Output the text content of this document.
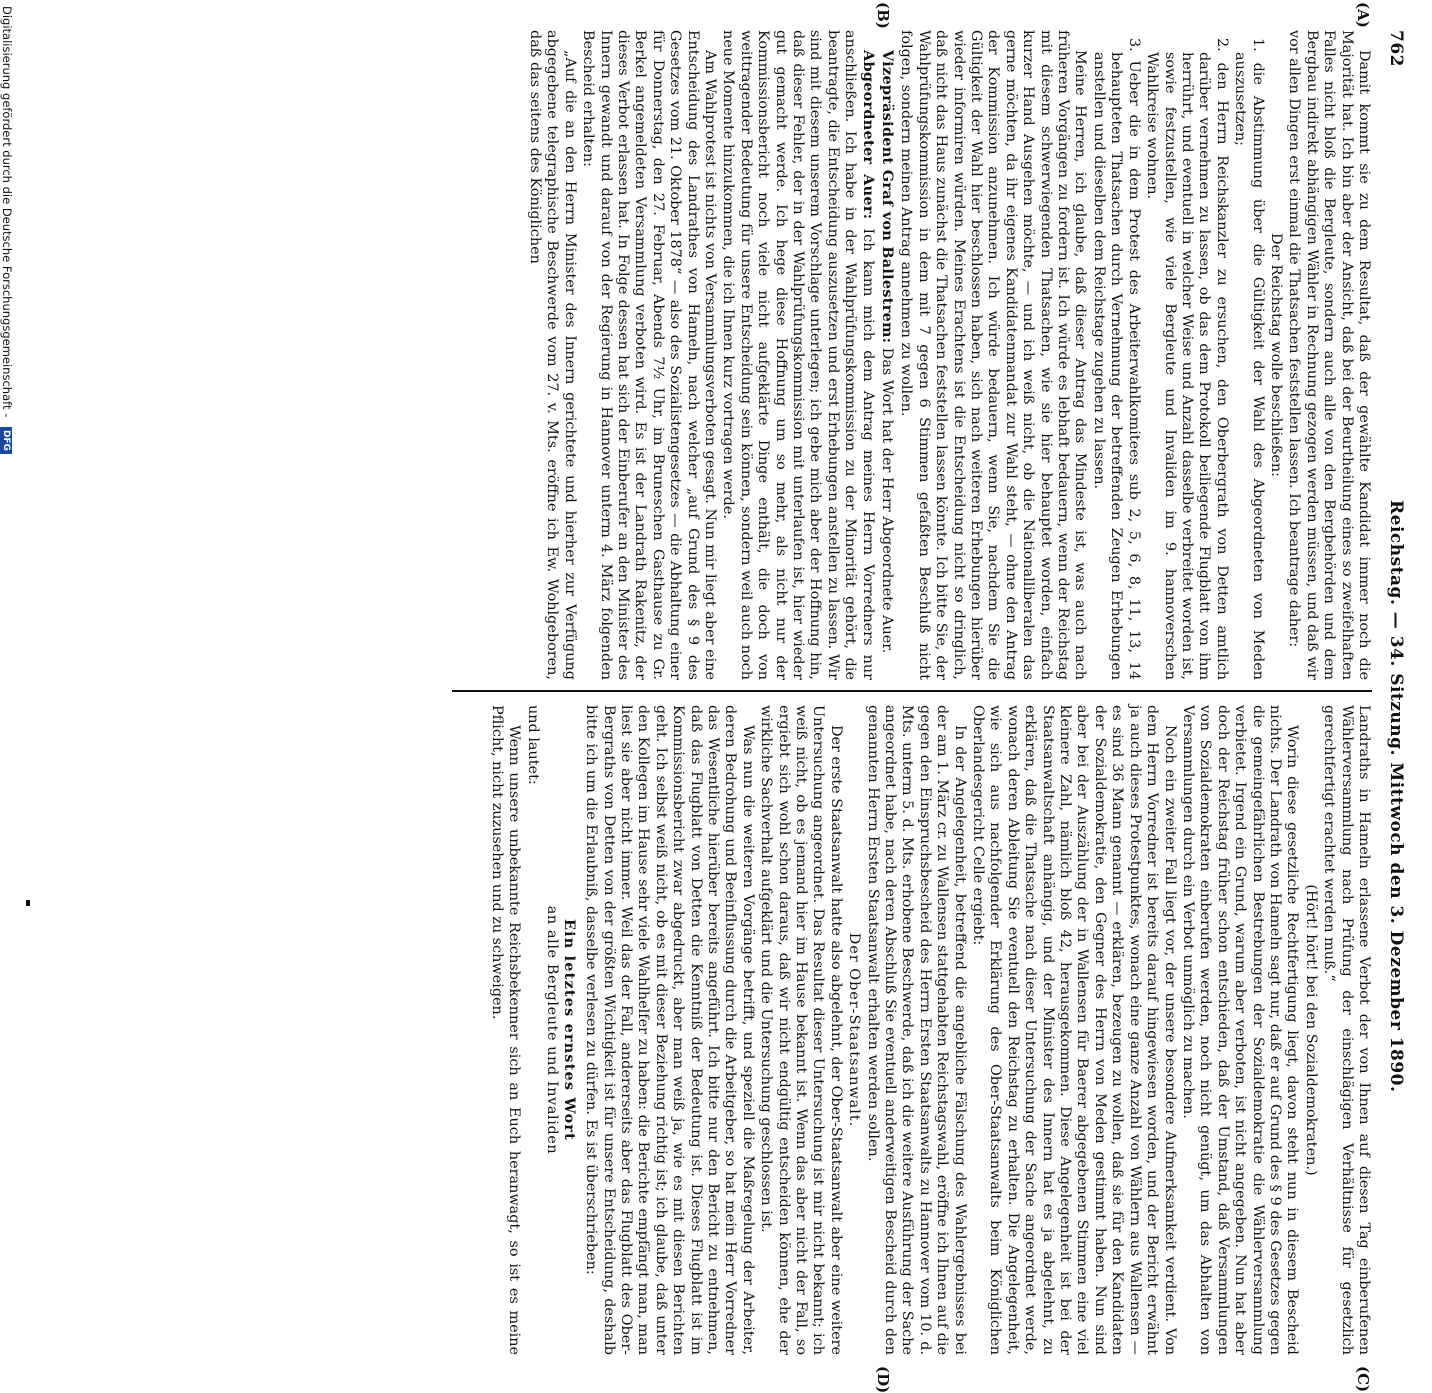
762
Reichstag. — 34. Sitzung. Mittwoch den 3. Dezember 1890.
(A)
(B)
(C)
(D)

Damit kommt sie zu dem Resultat, daß der gewählte Kandidat immer noch die Majorität hat. Ich bin aber der Ansicht, daß bei der Beurtheilung eines so zweifelhaften Falles nicht bloß die Bergleute, sondern auch alle von den Bergbehörden und dem Bergbau indirekt abhängigen Wähler in Rechnung gezogen werden müssen, und daß wir vor allen Dingen erst einmal die Thatsachen feststellen lassen. Ich beantrage daher:

Der Reichstag wolle beschließen:

1. die Abstimmung über die Gültigkeit der Wahl des Abgeordneten von Meden auszusetzen;

2. den Herrn Reichskanzler zu ersuchen, den Oberbergrath von Detten amtlich darüber vernehmen zu lassen, ob das dem Protokoll beiliegende Flugblatt von ihm herrührt, und eventuell in welcher Weise und Anzahl dasselbe verbreitet worden ist, sowie festzustellen, wie viele Bergleute und Invaliden im 9. hannoverschen Wahlkreise wohnen.

3. Ueber die in dem Protest des Arbeiterwahlkomitees sub 2, 5, 6, 8, 11, 13, 14 behaupteten Thatsachen durch Vernehmung der betreffenden Zeugen Erhebungen anstellen und dieselben dem Reichstage zugehen zu lassen.

Meine Herren, ich glaube, daß dieser Antrag das Mindeste ist, was auch nach früheren Vorgängen zu fordern ist. Ich würde es lebhaft bedauern, wenn der Reichstag mit diesem schwerwiegenden Thatsachen, wie sie hier behauptet worden, einfach kurzer Hand Ausgehen möchte, — und ich weiß nicht, ob die Nationalliberalen das gerne möchten, da ihr eigenes Kandidatenmandat zur Wahl steht, — ohne den Antrag der Kommission anzunehmen. Ich würde bedauern, wenn Sie, nachdem Sie die Gültigkeit der Wahl hier beschlossen haben, sich nach weiteren Erhebungen hierüber wieder informiren würden. Meines Erachtens ist die Entscheidung nicht so dringlich, daß nicht das Haus zunächst die Thatsachen feststellen lassen könnte. Ich bitte Sie, der Wahlprüfungskommission in dem mit 7 gegen 6 Stimmen gefaßten Beschluß nicht folgen, sondern meinen Antrag annehmen zu wollen.

Vizepräsident Graf von Ballestrem: Das Wort hat der Herr Abgeordnete Auer.

Abgeordneter Auer: Ich kann mich dem Antrag meines Herrn Vorredners nur anschließen. Ich habe in der Wahlprüfungskommission zu der Minorität gehört, die beantragte, die Entscheidung auszusetzen und erst Erhebungen anstellen zu lassen. Wir sind mit diesem unserem Vorschlage unterlegen; ich gebe mich aber der Hoffnung hin, daß dieser Fehler, der in der Wahlprüfungskommission mit unterlaufen ist, hier wieder gut gemacht werde. Ich hege diese Hoffnung um so mehr, als nicht nur der Kommissionsbericht noch viele nicht aufgeklärte Dinge enthält, die doch von weittragender Bedeutung für unsere Entscheidung sein können, sondern weil auch noch neue Momente hinzukommen, die ich Ihnen kurz vortragen werde.

Am Wahlprotest ist nichts von Versammlungsverboten gesagt. Nun mir liegt aber eine Entscheidung des Landrathes von Hameln, nach welcher „auf Grund des § 9 des Gesetzes vom 21. Oktober 1878“ — also des Sozialistengesetzes — die Abhaltung einer für Donnerstag, den 27. Februar, Abends 7½ Uhr, im Bruneschen Gasthause zu Gr. Berkel angemeldeten Versammlung verboten wird. Es ist der Landrath Rakenitz, der dieses Verbot erlassen hat. In Folge dessen hat sich der Einberufer an den Minister des Innern gewandt und darauf von der Regierung in Hannover unterm 4. März folgenden Bescheid erhalten:

„Auf die an den Herrn Minister des Innern gerichtete und hierher zur Verfügung abgegebene telegraphische Beschwerde vom 27. v. Mts. eröffne ich Ew. Wohlgeboren, daß das seitens des Königlichen

Landraths in Hameln erlassene Verbot der von Ihnen auf diesen Tag einberufenen Wählerversammlung nach Prüfung der einschlägigen Verhältnisse für gesetzlich gerechtfertigt erachtet werden muß.“

(Hört! hört! bei den Sozialdemokraten.)

Worin diese gesetzliche Rechtfertigung liegt, davon steht nun in diesem Bescheid nichts. Der Landrath von Hameln sagt nur, daß er auf Grund des § 9 des Gesetzes gegen die gemeingefährlichen Bestrebungen der Sozialdemokratie die Wählerversammlung verbietet. Irgend ein Grund, warum aber verboten, ist nicht angegeben. Nun hat aber doch der Reichstag früher schon entschieden, daß der Umstand, daß Versammlungen von Sozialdemokraten einberufen werden, noch nicht genügt, um das Abhalten von Versammlungen durch ein Verbot unmöglich zu machen.

Noch ein zweiter Fall liegt vor, der unsere besondere Aufmerksamkeit verdient. Von dem Herrn Vorredner ist bereits darauf hingewiesen worden, und der Bericht erwähnt ja auch dieses Protestpunktes, wonach eine ganze Anzahl von Wählern aus Wallensen — es sind 36 Mann genannt — erklären, bezeugen zu wollen, daß sie für den Kandidaten der Sozialdemokratie, den Gegner des Herrn von Meden gestimmt haben. Nun sind aber bei der Auszählung der in Wallensen für Baerer abgegebenen Stimmen eine viel kleinere Zahl, nämlich bloß 42, herausgekommen. Diese Angelegenheit ist bei der Staatsanwaltschaft anhängig, und der Minister des Innern hat es ja abgelehnt, zu erklären, daß die Thatsache nach dieser Untersuchung der Sache angeordnet werde, wonach deren Ableitung Sie eventuell den Reichstag zu erhalten. Die Angelegenheit, wie sich aus nachfolgender Erklärung des Ober-Staatsanwalts beim Königlichen Oberlandesgericht Celle ergiebt:

In der Angelegenheit, betreffend die angebliche Fälschung des Wahlergebnisses bei der am 1. März cr. zu Wallensen stattgehabten Reichstagswahl, eröffne ich Ihnen auf die gegen den Einspruchsbescheid des Herrn Ersten Staatsanwalts zu Hannover vom 10. d. Mts. unterm 5. d. Mts. erhobene Beschwerde, daß ich die weitere Ausführung der Sache angeordnet habe, nach deren Abschluß Sie eventuell anderweitigen Bescheid durch den genannten Herrn Ersten Staatsanwalt erhalten werden sollen.

Der Ober-Staatsanwalt.

Der erste Staatsanwalt hatte also abgelehnt, der Ober-Staatsanwalt aber eine weitere Untersuchung angeordnet. Das Resultat dieser Untersuchung ist mir nicht bekannt; ich weiß nicht, ob es jemand hier im Hause bekannt ist. Wenn das aber nicht der Fall, so ergiebt sich wohl schon daraus, daß wir nicht endgültig entscheiden können, ehe der wirkliche Sachverhalt aufgeklärt und die Untersuchung geschlossen ist.

Was nun die weiteren Vorgänge betrifft, und speziell die Maßregelung der Arbeiter, deren Bedrohung und Beeinflussung durch die Arbeitgeber, so hat mein Herr Vorredner das Wesentliche hierüber bereits angeführt. Ich bitte nur den Bericht zu entnehmen, daß das Flugblatt von Detten die Kenntniß der Bedeutung ist. Dieses Flugblatt ist im Kommissionsbericht zwar abgedruckt, aber man weiß ja, wie es mit diesen Berichten geht. Ich selbst weiß nicht, ob es mit dieser Beziehung richtig ist; ich glaube, daß unter den Kollegen im Hause sehr viele Wahlhelfer zu haben: die Berichte empfängt man, man liest sie aber nicht immer. Weil das der Fall, andererseits aber das Flugblatt des Ober-Bergraths von Detten von der größten Wichtigkeit ist für unsere Entscheidung, deshalb bitte ich um die Erlaubniß, dasselbe verlesen zu dürfen. Es ist überschrieben:

Ein letztes ernstes Wort
an alle Bergleute und Invaliden

und lautet:

Wenn unsere unbekannte Reichsbekenner sich an Euch heranwagt, so ist es meine Pflicht, nicht zuzusehen und zu schweigen.

Digitalisierung gefördert durch die Deutsche Forschungsgemeinschaft - DFG
